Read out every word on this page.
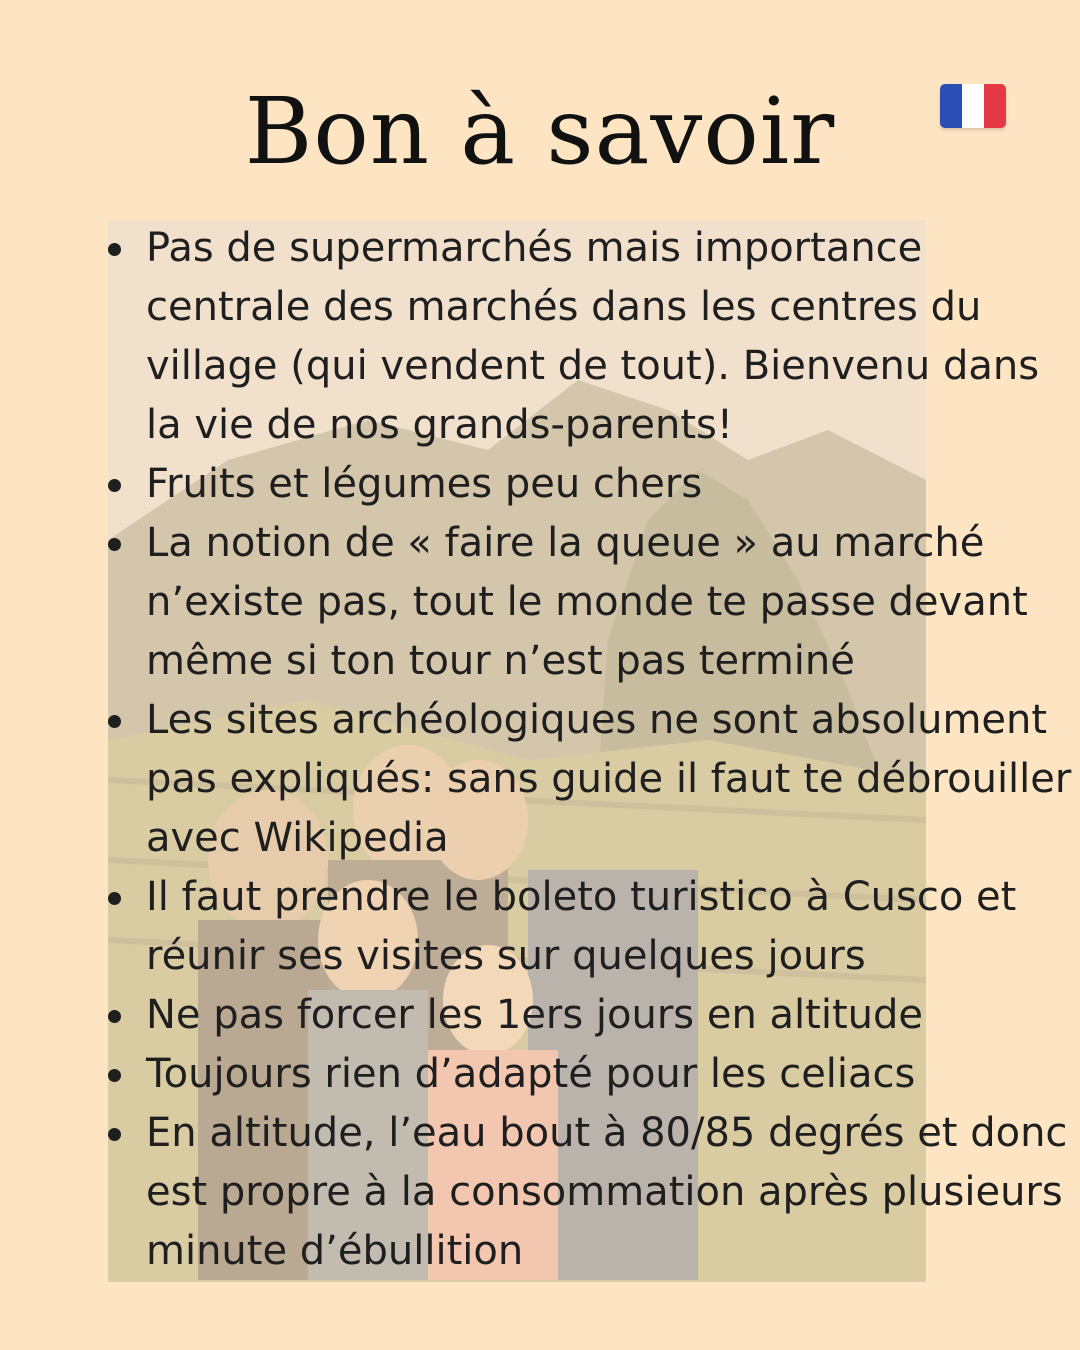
Bon à savoir
Pas de supermarchés mais importance centrale des marchés dans les centres du village (qui vendent de tout). Bienvenu dans la vie de nos grands-parents!
Fruits et légumes peu chers
La notion de « faire la queue » au marché n’existe pas, tout le monde te passe devant même si ton tour n’est pas terminé
Les sites archéologiques ne sont absolument pas expliqués: sans guide il faut te débrouiller avec Wikipedia
Il faut prendre le boleto turistico à Cusco et réunir ses visites sur quelques jours
Ne pas forcer les 1ers jours en altitude
Toujours rien d’adapté pour les celiacs
En altitude, l’eau bout à 80/85 degrés et donc est propre à la consommation après plusieurs minute d’ébullition
